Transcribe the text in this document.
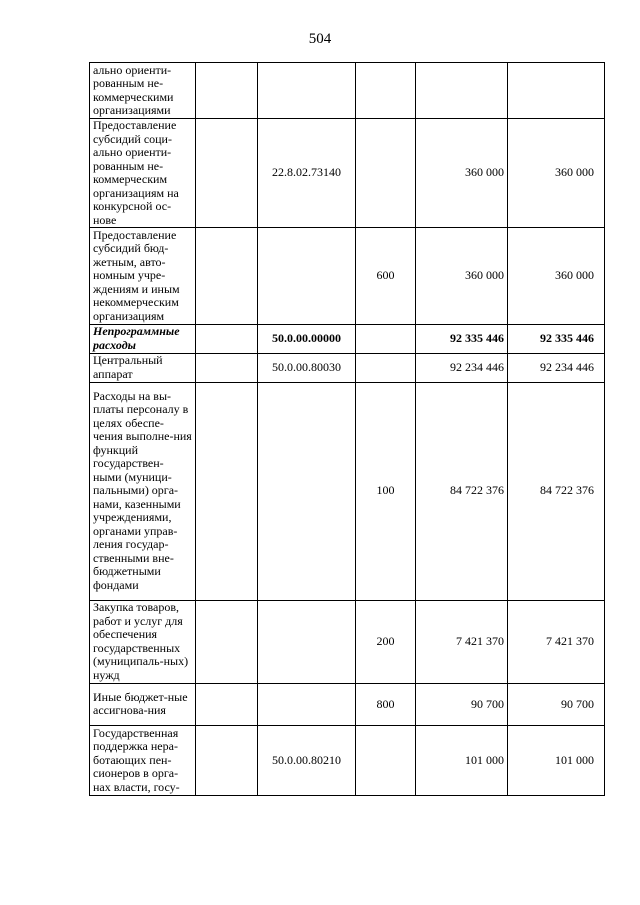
504
ально ориенти-рованным не-коммерческими организациями					
Предоставление субсидий соци-ально ориенти-рованным не-коммерческим организациям на конкурсной ос-нове		22.8.02.73140		360 000	360 000
Предоставление субсидий бюд-жетным, авто-номным учре-ждениям и иным некоммерческим организациям			600	360 000	360 000
Непрограммные расходы		50.0.00.00000		92 335 446	92 335 446
Центральный аппарат		50.0.00.80030		92 234 446	92 234 446
Расходы на вы-платы персоналу в целях обеспе-чения выполне-ния функций государствен-ными (муници-пальными) орга-нами, казенными учреждениями, органами управ-ления государ-ственными вне-бюджетными фондами			100	84 722 376	84 722 376
Закупка товаров, работ и услуг для обеспечения государственных (муниципаль-ных) нужд			200	7 421 370	7 421 370
Иные бюджет-ные ассигнова-ния			800	90 700	90 700
Государственная поддержка нера-ботающих пен-сионеров в орга-нах власти, госу-		50.0.00.80210		101 000	101 000
